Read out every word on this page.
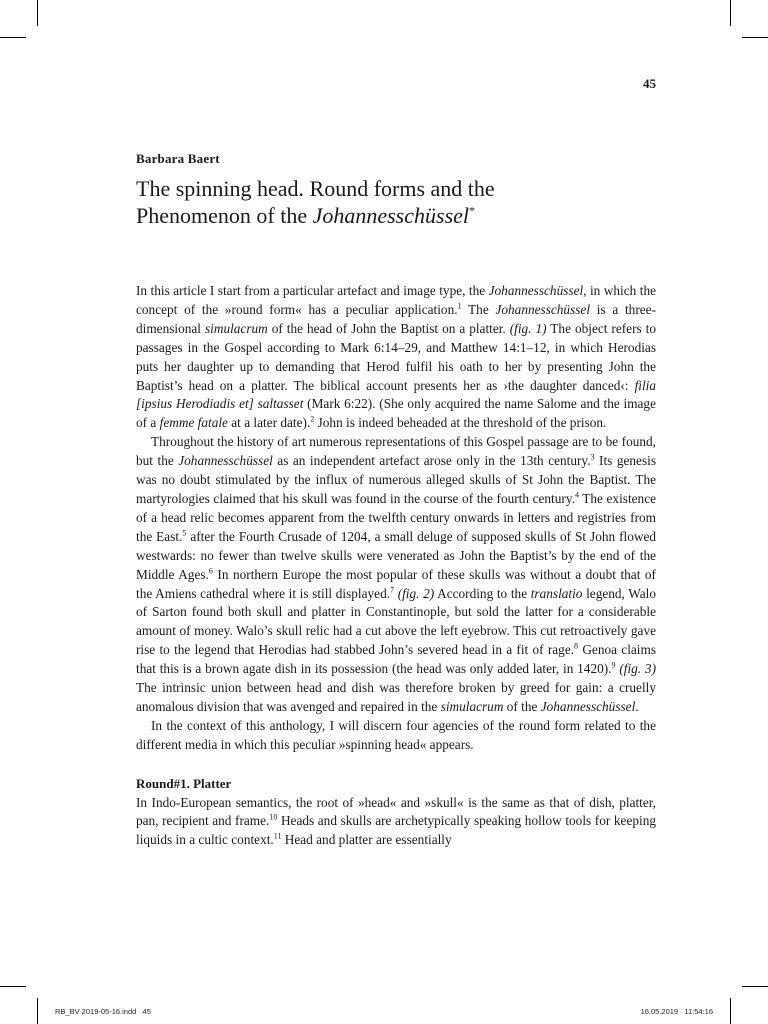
45
Barbara Baert
The spinning head. Round forms and the
Phenomenon of the Johannesschüssel*

In this article I start from a particular artefact and image type, the Johannesschüssel, in which the concept of the »round form« has a peculiar application.$^1$ The Johannesschüssel is a three-dimensional simulacrum of the head of John the Baptist on a platter. (fig. 1) The object refers to passages in the Gospel according to Mark 6:14–29, and Matthew 14:1–12, in which Herodias puts her daughter up to demanding that Herod fulfil his oath to her by presenting John the Baptist’s head on a platter. The biblical account presents her as ›the daughter danced‹: filia [ipsius Herodiadis et] saltasset (Mark 6:22). (She only acquired the name Salome and the image of a femme fatale at a later date).$^2$ John is indeed beheaded at the threshold of the prison.

Throughout the history of art numerous representations of this Gospel passage are to be found, but the Johannesschüssel as an independent artefact arose only in the 13th century.$^3$ Its genesis was no doubt stimulated by the influx of numerous alleged skulls of St John the Baptist. The martyrologies claimed that his skull was found in the course of the fourth century.$^4$ The existence of a head relic becomes apparent from the twelfth century onwards in letters and registries from the East.$^5$ after the Fourth Crusade of 1204, a small deluge of supposed skulls of St John flowed westwards: no fewer than twelve skulls were venerated as John the Baptist’s by the end of the Middle Ages.$^6$ In northern Europe the most popular of these skulls was without a doubt that of the Amiens cathedral where it is still displayed.$^7$ (fig. 2) According to the translatio legend, Walo of Sarton found both skull and platter in Constantinople, but sold the latter for a considerable amount of money. Walo’s skull relic had a cut above the left eyebrow. This cut retroactively gave rise to the legend that Herodias had stabbed John’s severed head in a fit of rage.$^8$ Genoa claims that this is a brown agate dish in its possession (the head was only added later, in 1420).$^9$ (fig. 3) The intrinsic union between head and dish was therefore broken by greed for gain: a cruelly anomalous division that was avenged and repaired in the simulacrum of the Johannesschüssel.

In the context of this anthology, I will discern four agencies of the round form related to the different media in which this peculiar »spinning head« appears.

Round#1. Platter

In Indo-European semantics, the root of »head« and »skull« is the same as that of dish, platter, pan, recipient and frame.$^{10}$ Heads and skulls are archetypically speaking hollow tools for keeping liquids in a cultic context.$^{11}$ Head and platter are essentially

RB_BV 2019-05-16.indd   45	16.05.2019   11:54:16
